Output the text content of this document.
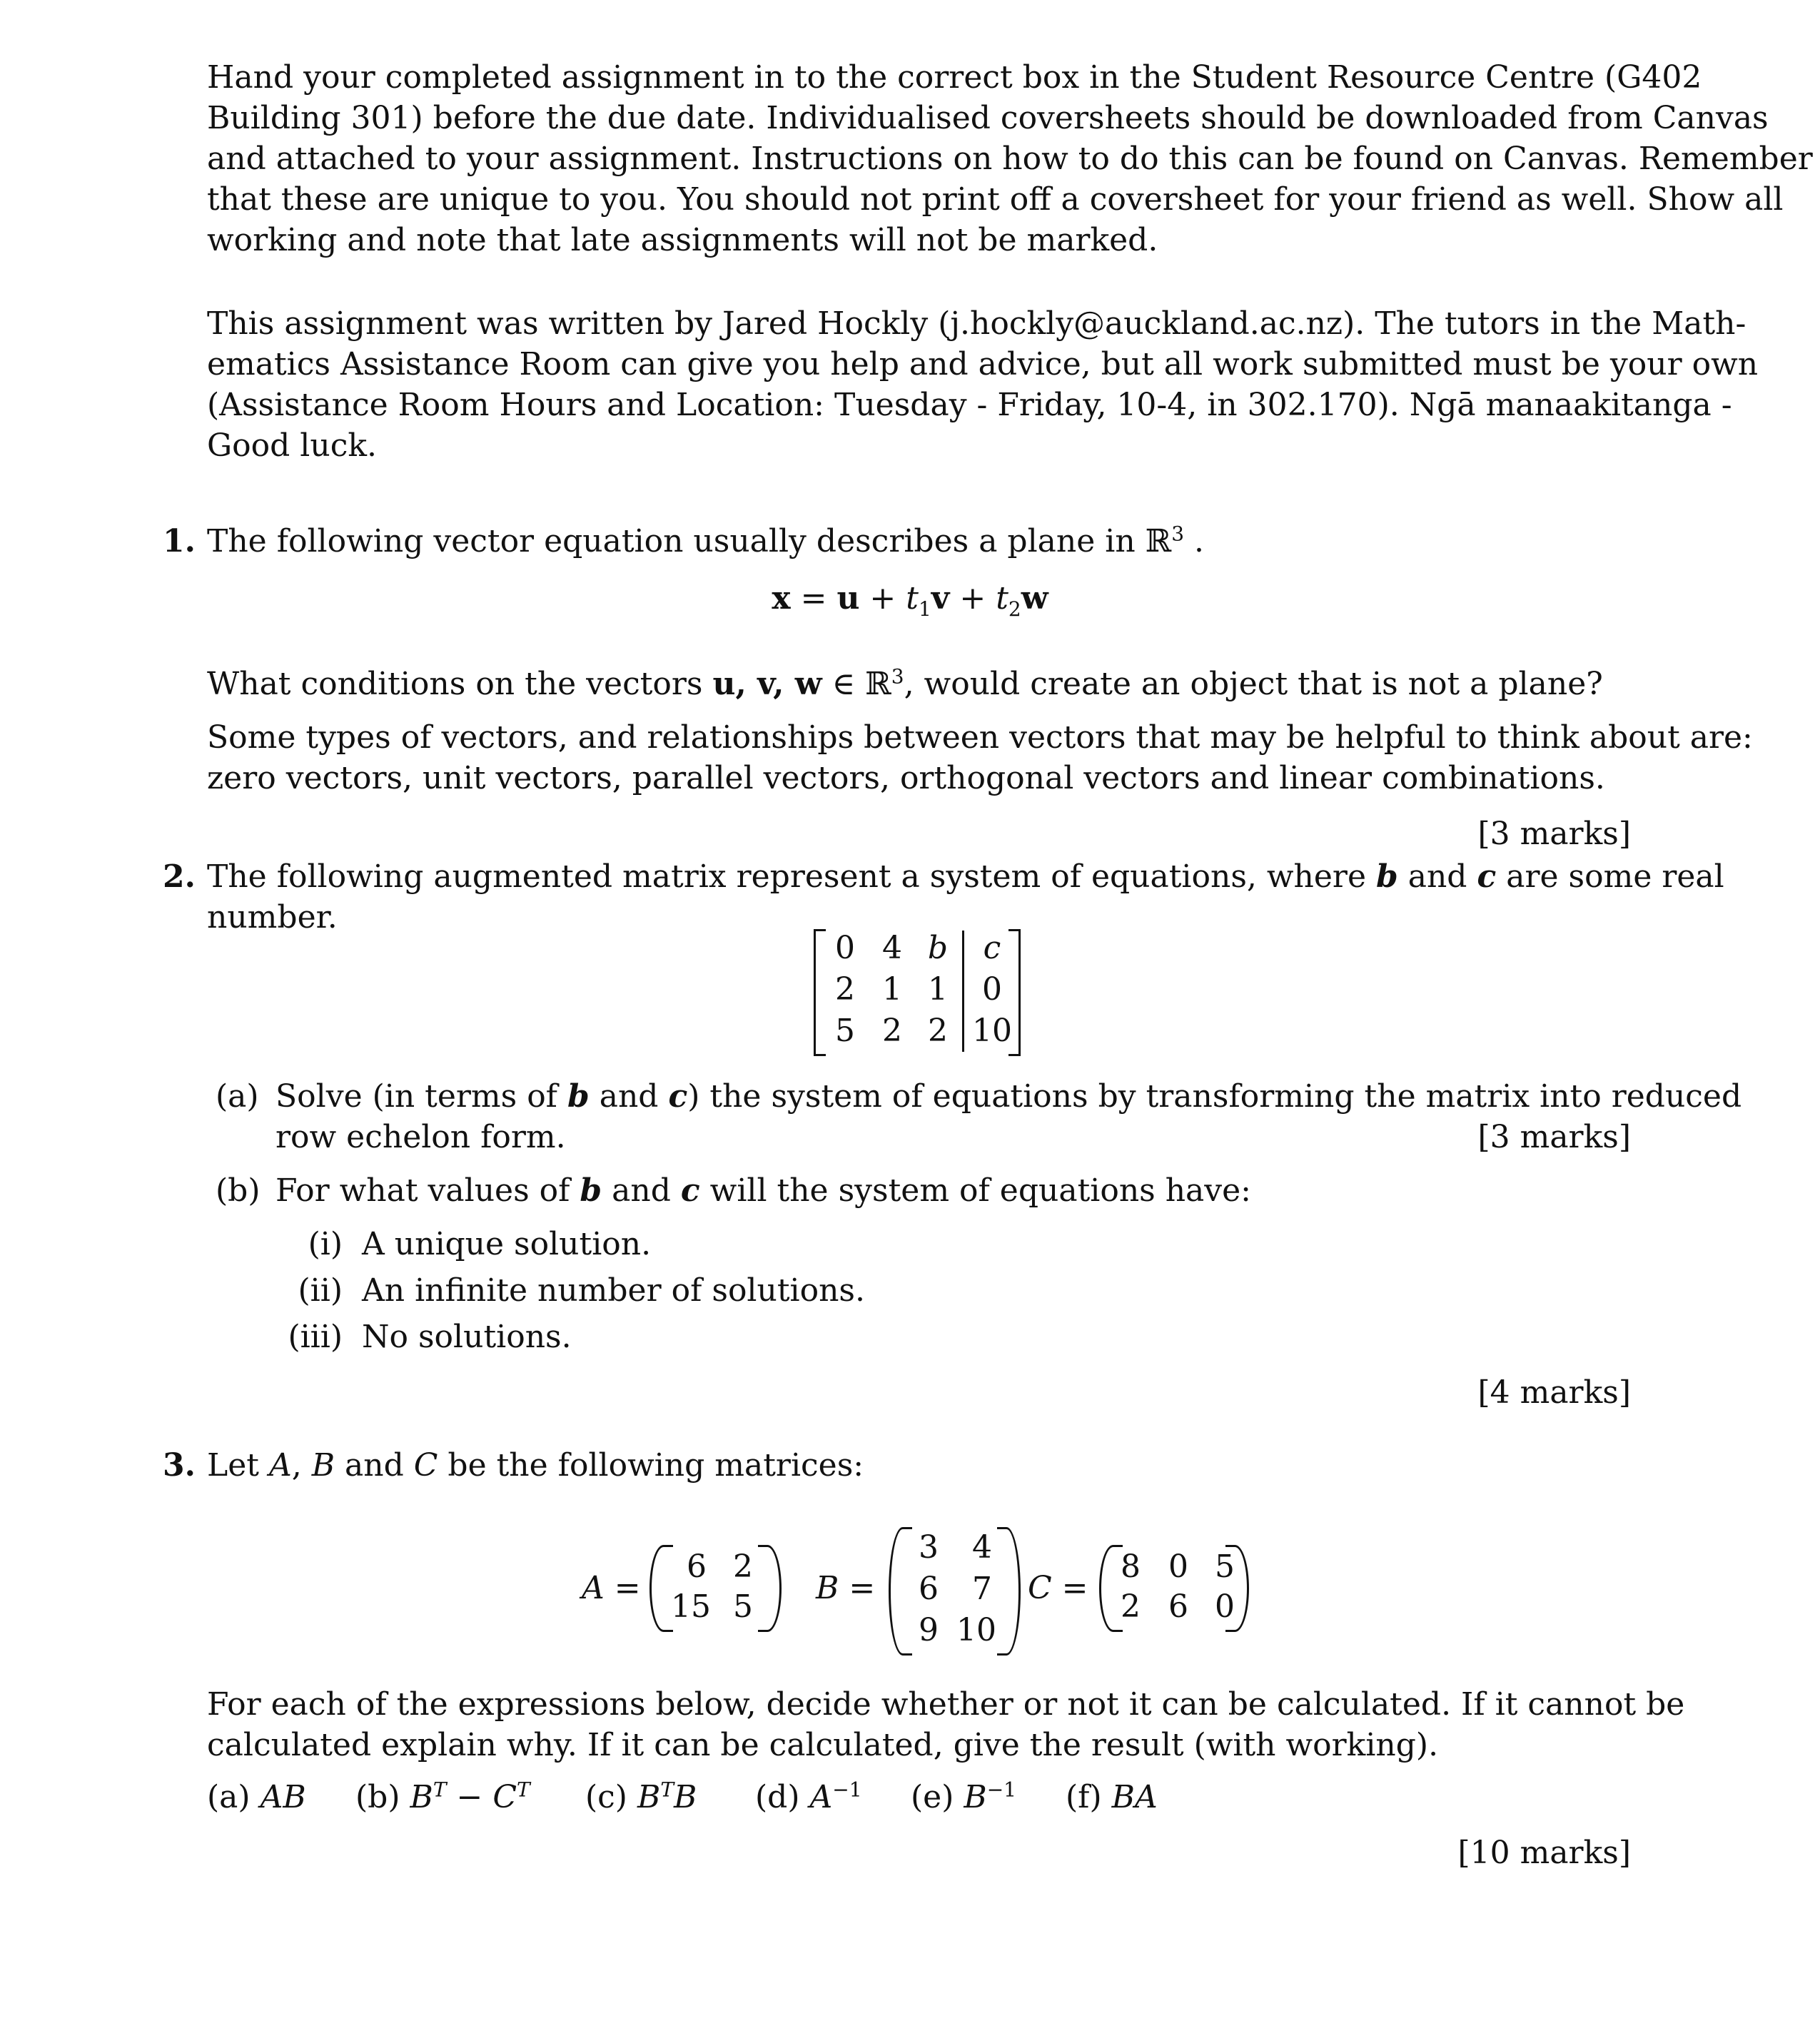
Hand your completed assignment in to the correct box in the Student Resource Centre (G402
Building 301) before the due date. Individualised coversheets should be downloaded from Canvas
and attached to your assignment. Instructions on how to do this can be found on Canvas. Remember
that these are unique to you. You should not print off a coversheet for your friend as well. Show all
working and note that late assignments will not be marked.
This assignment was written by Jared Hockly (j.hockly@auckland.ac.nz). The tutors in the Math-
ematics Assistance Room can give you help and advice, but all work submitted must be your own
(Assistance Room Hours and Location: Tuesday - Friday, 10-4, in 302.170). Ngā manaakitanga -
Good luck.
1. The following vector equation usually describes a plane in ℝ$^3$ .
$x = u + t_1v + t_2w$
What conditions on the vectors u, v, w ∈ ℝ$^3$, would create an object that is not a plane?
Some types of vectors, and relationships between vectors that may be helpful to think about are:
zero vectors, unit vectors, parallel vectors, orthogonal vectors and linear combinations.
[3 marks]
2. The following augmented matrix represent a system of equations, where b and c are some real
number.
0 4 b	c
2 1 1	0
5 2 2 10
(a) Solve (in terms of b and c) the system of equations by transforming the matrix into reduced
row echelon form.	[3 marks]
(b) For what values of b and c will the system of equations have:
(i) A unique solution.
(ii) An infinite number of solutions.
(iii) No solutions.
[4 marks]
3. Let A, B and C be the following matrices:
A =
6 2
15 5
B =
3	4
6	7
9 10
C =
8 0 5
2 6 0
For each of the expressions below, decide whether or not it can be calculated. If it cannot be
calculated explain why. If it can be calculated, give the result (with working).
(a) AB (b) $B^T - C^T$ (c) $B^TB$ (d) $A^{-1}$ (e) $B^{-1}$ (f) BA
[10 marks]
